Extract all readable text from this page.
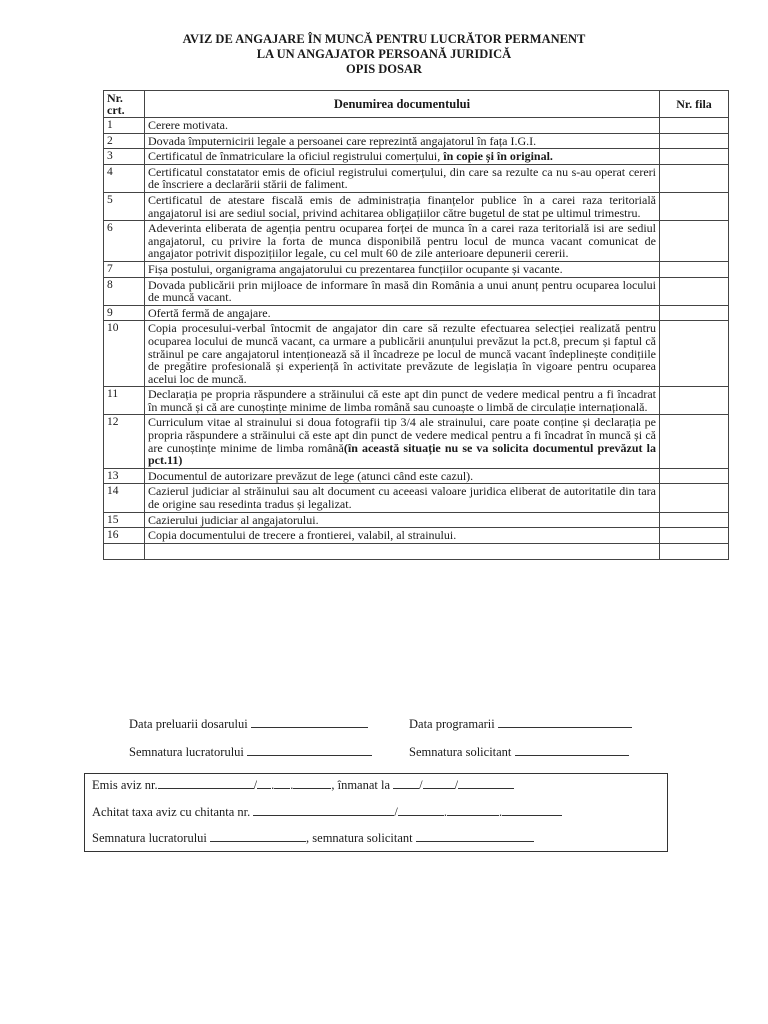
AVIZ DE ANGAJARE ÎN MUNCĂ PENTRU LUCRĂTOR PERMANENT
LA UN ANGAJATOR PERSOANĂ JURIDICĂ
OPIS DOSAR
Nr. crt.	Denumirea documentului	Nr. fila
1	Cerere motivata.	
2	Dovada împuternicirii legale a persoanei care reprezintă angajatorul în fața I.G.I.	
3	Certificatul de înmatriculare la oficiul registrului comerțului, în copie și în original.	
4	Certificatul constatator emis de oficiul registrului comerțului, din care sa rezulte ca nu s-au operat cereri de înscriere a declarării stării de faliment.	
5	Certificatul de atestare fiscală emis de administrația finanțelor publice în a carei raza teritorială angajatorul isi are sediul social, privind achitarea obligațiilor către bugetul de stat pe ultimul trimestru.	
6	Adeverinta eliberata de agenția pentru ocuparea forței de munca în a carei raza teritorială isi are sediul angajatorul, cu privire la forta de munca disponibilă pentru locul de munca vacant comunicat de angajator potrivit dispozițiilor legale, cu cel mult 60 de zile anterioare depunerii cererii.	
7	Fișa postului, organigrama angajatorului cu prezentarea funcțiilor ocupante și vacante.	
8	Dovada publicării prin mijloace de informare în masă din România a unui anunț pentru ocuparea locului de muncă vacant.	
9	Ofertă fermă de angajare.	
10	Copia procesului-verbal întocmit de angajator din care să rezulte efectuarea selecției realizată pentru ocuparea locului de muncă vacant, ca urmare a publicării anunțului prevăzut la pct.8, precum și faptul că străinul pe care angajatorul intenționează să il încadreze pe locul de muncă vacant îndeplinește condițiile de pregătire profesională și experiență în activitate prevăzute de legislația în vigoare pentru ocuparea acelui loc de muncă.	
11	Declarația pe propria răspundere a străinului că este apt din punct de vedere medical pentru a fi încadrat în muncă și că are cunoștințe minime de limba română sau cunoaște o limbă de circulație internațională.	
12	Curriculum vitae al strainului si doua fotografii tip 3/4 ale strainului, care poate conține și declarația pe propria răspundere a străinului că este apt din punct de vedere medical pentru a fi încadrat în muncă și că are cunoștințe minime de limba română(în această situație nu se va solicita documentul prevăzut la pct.11)	
13	Documentul de autorizare prevăzut de lege (atunci când este cazul).	
14	Cazierul judiciar al străinului sau alt document cu aceeasi valoare juridica eliberat de autoritatile din tara de origine sau resedinta tradus și legalizat.	
15	Cazierului judiciar al angajatorului.	
16	Copia documentului de trecere a frontierei, valabil, al strainului.	

Data preluarii dosarului	Data programarii
Semnatura lucratorului	Semnatura solicitant
Emis aviz nr.	/ . .	, înmanat la /	/
Achitat taxa aviz cu chitanta nr.	/	.	.
Semnatura lucratorului	, semnatura solicitant
